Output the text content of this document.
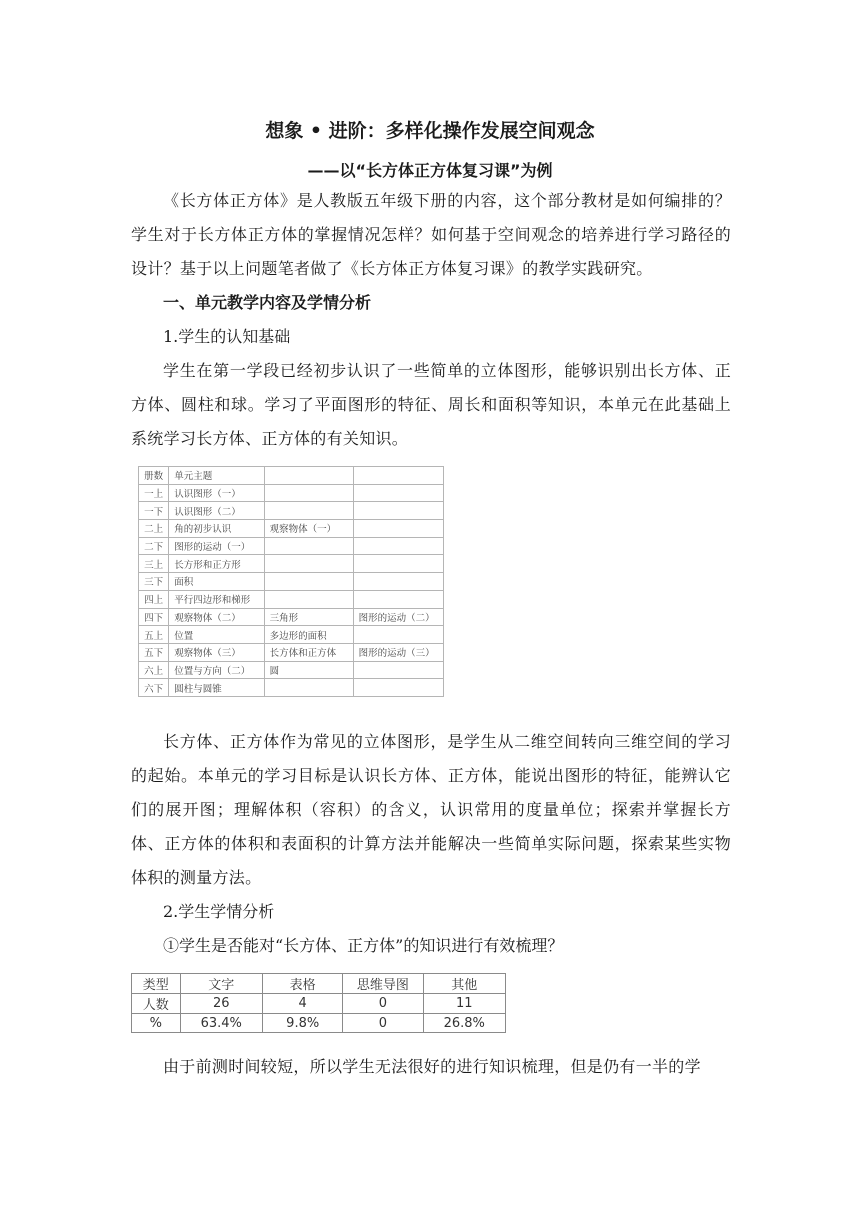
想象 • 进阶：多样化操作发展空间观念
——以“长方体正方体复习课”为例

《长方体正方体》是人教版五年级下册的内容，这个部分教材是如何编排的？学生对于长方体正方体的掌握情况怎样？如何基于空间观念的培养进行学习路径的设计？基于以上问题笔者做了《长方体正方体复习课》的教学实践研究。

一、单元教学内容及学情分析

1.学生的认知基础

学生在第一学段已经初步认识了一些简单的立体图形，能够识别出长方体、正方体、圆柱和球。学习了平面图形的特征、周长和面积等知识，本单元在此基础上系统学习长方体、正方体的有关知识。

册数	单元主题		
一上	认识图形（一）		
一下	认识图形（二）		
二上	角的初步认识	观察物体（一）	
二下	图形的运动（一）		
三上	长方形和正方形		
三下	面积		
四上	平行四边形和梯形		
四下	观察物体（二）	三角形	图形的运动（二）
五上	位置	多边形的面积	
五下	观察物体（三）	长方体和正方体	图形的运动（三）
六上	位置与方向（二）	圆	
六下	圆柱与圆锥		

长方体、正方体作为常见的立体图形，是学生从二维空间转向三维空间的学习的起始。本单元的学习目标是认识长方体、正方体，能说出图形的特征，能辨认它们的展开图；理解体积（容积）的含义，认识常用的度量单位；探索并掌握长方体、正方体的体积和表面积的计算方法并能解决一些简单实际问题，探索某些实物体积的测量方法。

2.学生学情分析

①学生是否能对“长方体、正方体”的知识进行有效梳理？

类型	文字	表格	思维导图	其他
人数	26	4	0	11
%	63.4%	9.8%	0	26.8%

由于前测时间较短，所以学生无法很好的进行知识梳理，但是仍有一半的学
